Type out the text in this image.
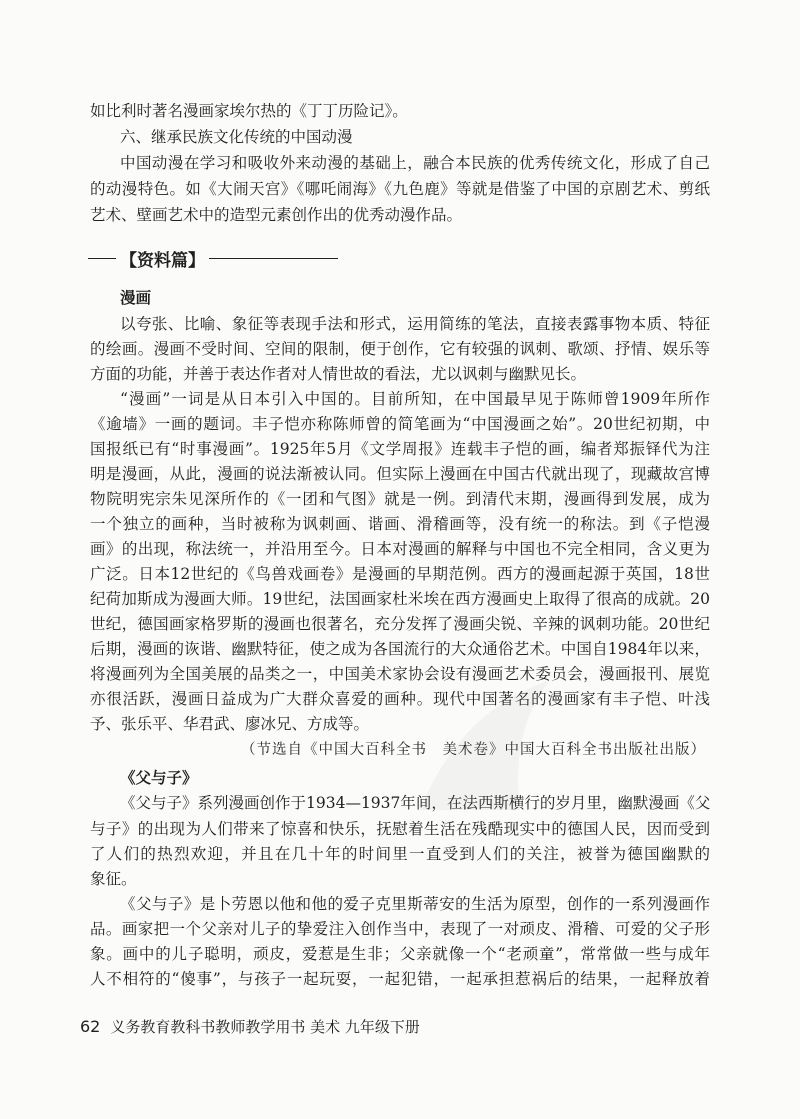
如比利时著名漫画家埃尔热的《丁丁历险记》。
六、继承民族文化传统的中国动漫
中国动漫在学习和吸收外来动漫的基础上，融合本民族的优秀传统文化，形成了自己
的动漫特色。如《大闹天宫》《哪吒闹海》《九色鹿》等就是借鉴了中国的京剧艺术、剪纸
艺术、壁画艺术中的造型元素创作出的优秀动漫作品。
【资料篇】
漫画
以夸张、比喻、象征等表现手法和形式，运用简练的笔法，直接表露事物本质、特征
的绘画。漫画不受时间、空间的限制，便于创作，它有较强的讽刺、歌颂、抒情、娱乐等
方面的功能，并善于表达作者对人情世故的看法，尤以讽刺与幽默见长。
“漫画”一词是从日本引入中国的。目前所知，在中国最早见于陈师曾1909年所作
《逾墙》一画的题词。丰子恺亦称陈师曾的简笔画为“中国漫画之始”。20世纪初期，中
国报纸已有“时事漫画”。1925年5月《文学周报》连载丰子恺的画，编者郑振铎代为注
明是漫画，从此，漫画的说法渐被认同。但实际上漫画在中国古代就出现了，现藏故宫博
物院明宪宗朱见深所作的《一团和气图》就是一例。到清代末期，漫画得到发展，成为
一个独立的画种，当时被称为讽刺画、谐画、滑稽画等，没有统一的称法。到《子恺漫
画》的出现，称法统一，并沿用至今。日本对漫画的解释与中国也不完全相同，含义更为
广泛。日本12世纪的《鸟兽戏画卷》是漫画的早期范例。西方的漫画起源于英国，18世
纪荷加斯成为漫画大师。19世纪，法国画家杜米埃在西方漫画史上取得了很高的成就。20
世纪，德国画家格罗斯的漫画也很著名，充分发挥了漫画尖锐、辛辣的讽刺功能。20世纪
后期，漫画的诙谐、幽默特征，使之成为各国流行的大众通俗艺术。中国自1984年以来，
将漫画列为全国美展的品类之一，中国美术家协会设有漫画艺术委员会，漫画报刊、展览
亦很活跃，漫画日益成为广大群众喜爱的画种。现代中国著名的漫画家有丰子恺、叶浅
予、张乐平、华君武、廖冰兄、方成等。
（节选自《中国大百科全书　美术卷》中国大百科全书出版社出版）
《父与子》
《父与子》系列漫画创作于1934—1937年间，在法西斯横行的岁月里，幽默漫画《父
与子》的出现为人们带来了惊喜和快乐，抚慰着生活在残酷现实中的德国人民，因而受到
了人们的热烈欢迎，并且在几十年的时间里一直受到人们的关注，被誉为德国幽默的
象征。
《父与子》是卜劳恩以他和他的爱子克里斯蒂安的生活为原型，创作的一系列漫画作
品。画家把一个父亲对儿子的挚爱注入创作当中，表现了一对顽皮、滑稽、可爱的父子形
象。画中的儿子聪明，顽皮，爱惹是生非；父亲就像一个“老顽童”，常常做一些与成年
人不相符的“傻事”，与孩子一起玩耍，一起犯错，一起承担惹祸后的结果，一起释放着
62 义务教育教科书教师教学用书 美术 九年级下册
